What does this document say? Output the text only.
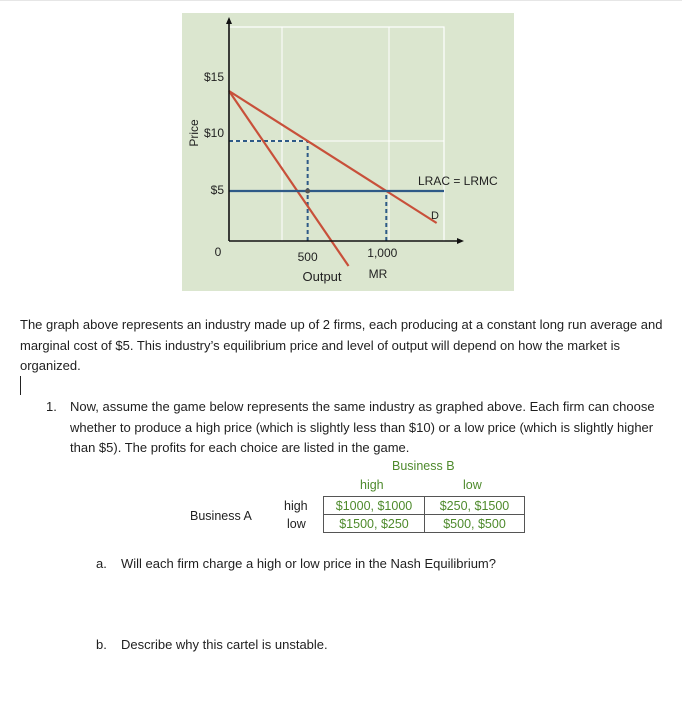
$15
$10
$5
0	500	1,000
Price
Output MR
D
LRAC = LRMC
The graph above represents an industry made up of 2 firms, each producing at a constant long run average and marginal cost of $5. This industry’s equilibrium price and level of output will depend on how the market is organized.
1. Now, assume the game below represents the same industry as graphed above. Each firm can choose whether to produce a high price (which is slightly less than $10) or a low price (which is slightly higher than $5). The profits for each choice are listed in the game.
Business B
high	low
Business A
high
low
$1000, $1000	$250, $1500
$1500, $250	$500, $500
a. Will each firm charge a high or low price in the Nash Equilibrium?
b. Describe why this cartel is unstable.
